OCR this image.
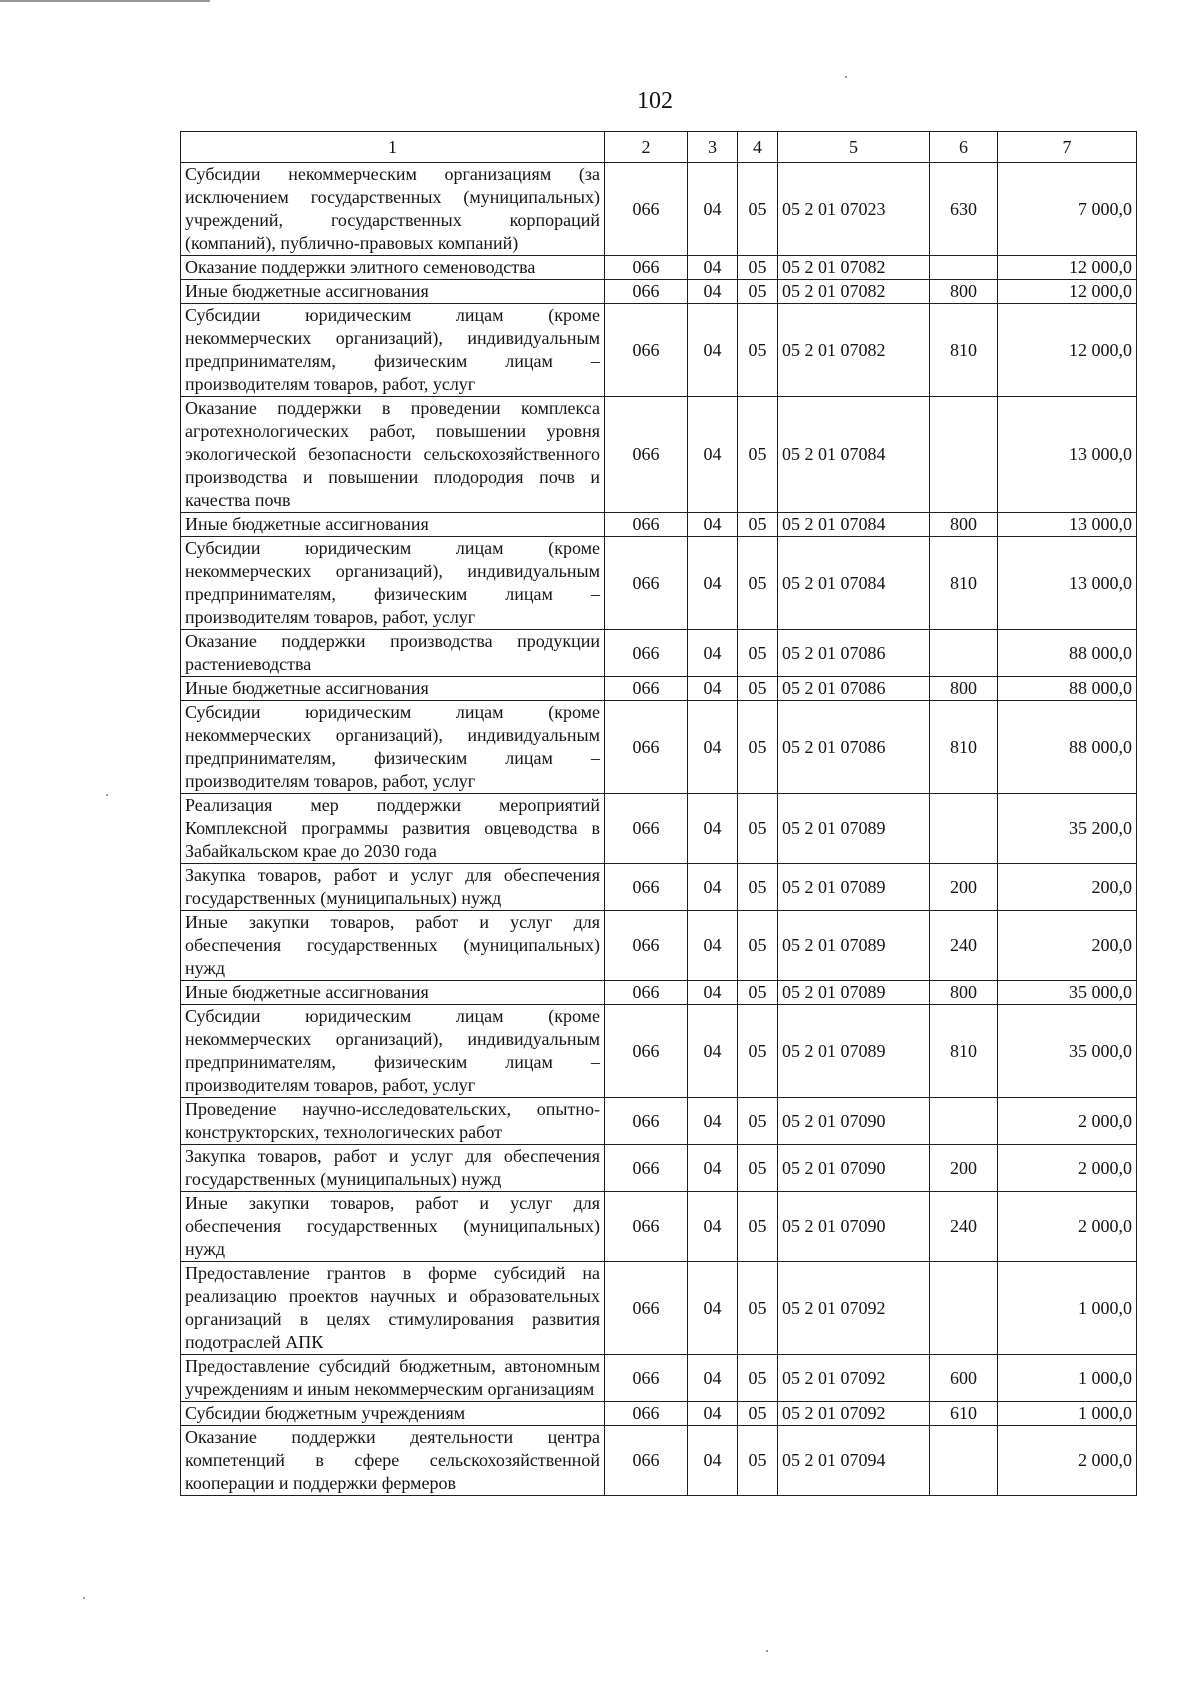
102
1	2	3	4	5	6	7
Субсидии некоммерческим организациям (за исключением государственных (муниципальных) учреждений, государственных корпораций (компаний), публично-правовых компаний)	066	04	05	05 2 01 07023	630	7 000,0
Оказание поддержки элитного семеноводства	066	04	05	05 2 01 07082		12 000,0
Иные бюджетные ассигнования	066	04	05	05 2 01 07082	800	12 000,0
Субсидии юридическим лицам (кроме некоммерческих организаций), индивидуальным предпринимателям, физическим лицам – производителям товаров, работ, услуг	066	04	05	05 2 01 07082	810	12 000,0
Оказание поддержки в проведении комплекса агротехнологических работ, повышении уровня экологической безопасности сельскохозяйственного производства и повышении плодородия почв и качества почв	066	04	05	05 2 01 07084		13 000,0
Иные бюджетные ассигнования	066	04	05	05 2 01 07084	800	13 000,0
Субсидии юридическим лицам (кроме некоммерческих организаций), индивидуальным предпринимателям, физическим лицам – производителям товаров, работ, услуг	066	04	05	05 2 01 07084	810	13 000,0
Оказание поддержки производства продукции растениеводства	066	04	05	05 2 01 07086		88 000,0
Иные бюджетные ассигнования	066	04	05	05 2 01 07086	800	88 000,0
Субсидии юридическим лицам (кроме некоммерческих организаций), индивидуальным предпринимателям, физическим лицам – производителям товаров, работ, услуг	066	04	05	05 2 01 07086	810	88 000,0
Реализация мер поддержки мероприятий Комплексной программы развития овцеводства в Забайкальском крае до 2030 года	066	04	05	05 2 01 07089		35 200,0
Закупка товаров, работ и услуг для обеспечения государственных (муниципальных) нужд	066	04	05	05 2 01 07089	200	200,0
Иные закупки товаров, работ и услуг для обеспечения государственных (муниципальных) нужд	066	04	05	05 2 01 07089	240	200,0
Иные бюджетные ассигнования	066	04	05	05 2 01 07089	800	35 000,0
Субсидии юридическим лицам (кроме некоммерческих организаций), индивидуальным предпринимателям, физическим лицам – производителям товаров, работ, услуг	066	04	05	05 2 01 07089	810	35 000,0
Проведение научно-исследовательских, опытно-конструкторских, технологических работ	066	04	05	05 2 01 07090		2 000,0
Закупка товаров, работ и услуг для обеспечения государственных (муниципальных) нужд	066	04	05	05 2 01 07090	200	2 000,0
Иные закупки товаров, работ и услуг для обеспечения государственных (муниципальных) нужд	066	04	05	05 2 01 07090	240	2 000,0
Предоставление грантов в форме субсидий на реализацию проектов научных и образовательных организаций в целях стимулирования развития подотраслей АПК	066	04	05	05 2 01 07092		1 000,0
Предоставление субсидий бюджетным, автономным учреждениям и иным некоммерческим организациям	066	04	05	05 2 01 07092	600	1 000,0
Субсидии бюджетным учреждениям	066	04	05	05 2 01 07092	610	1 000,0
Оказание поддержки деятельности центра компетенций в сфере сельскохозяйственной кооперации и поддержки фермеров	066	04	05	05 2 01 07094		2 000,0
